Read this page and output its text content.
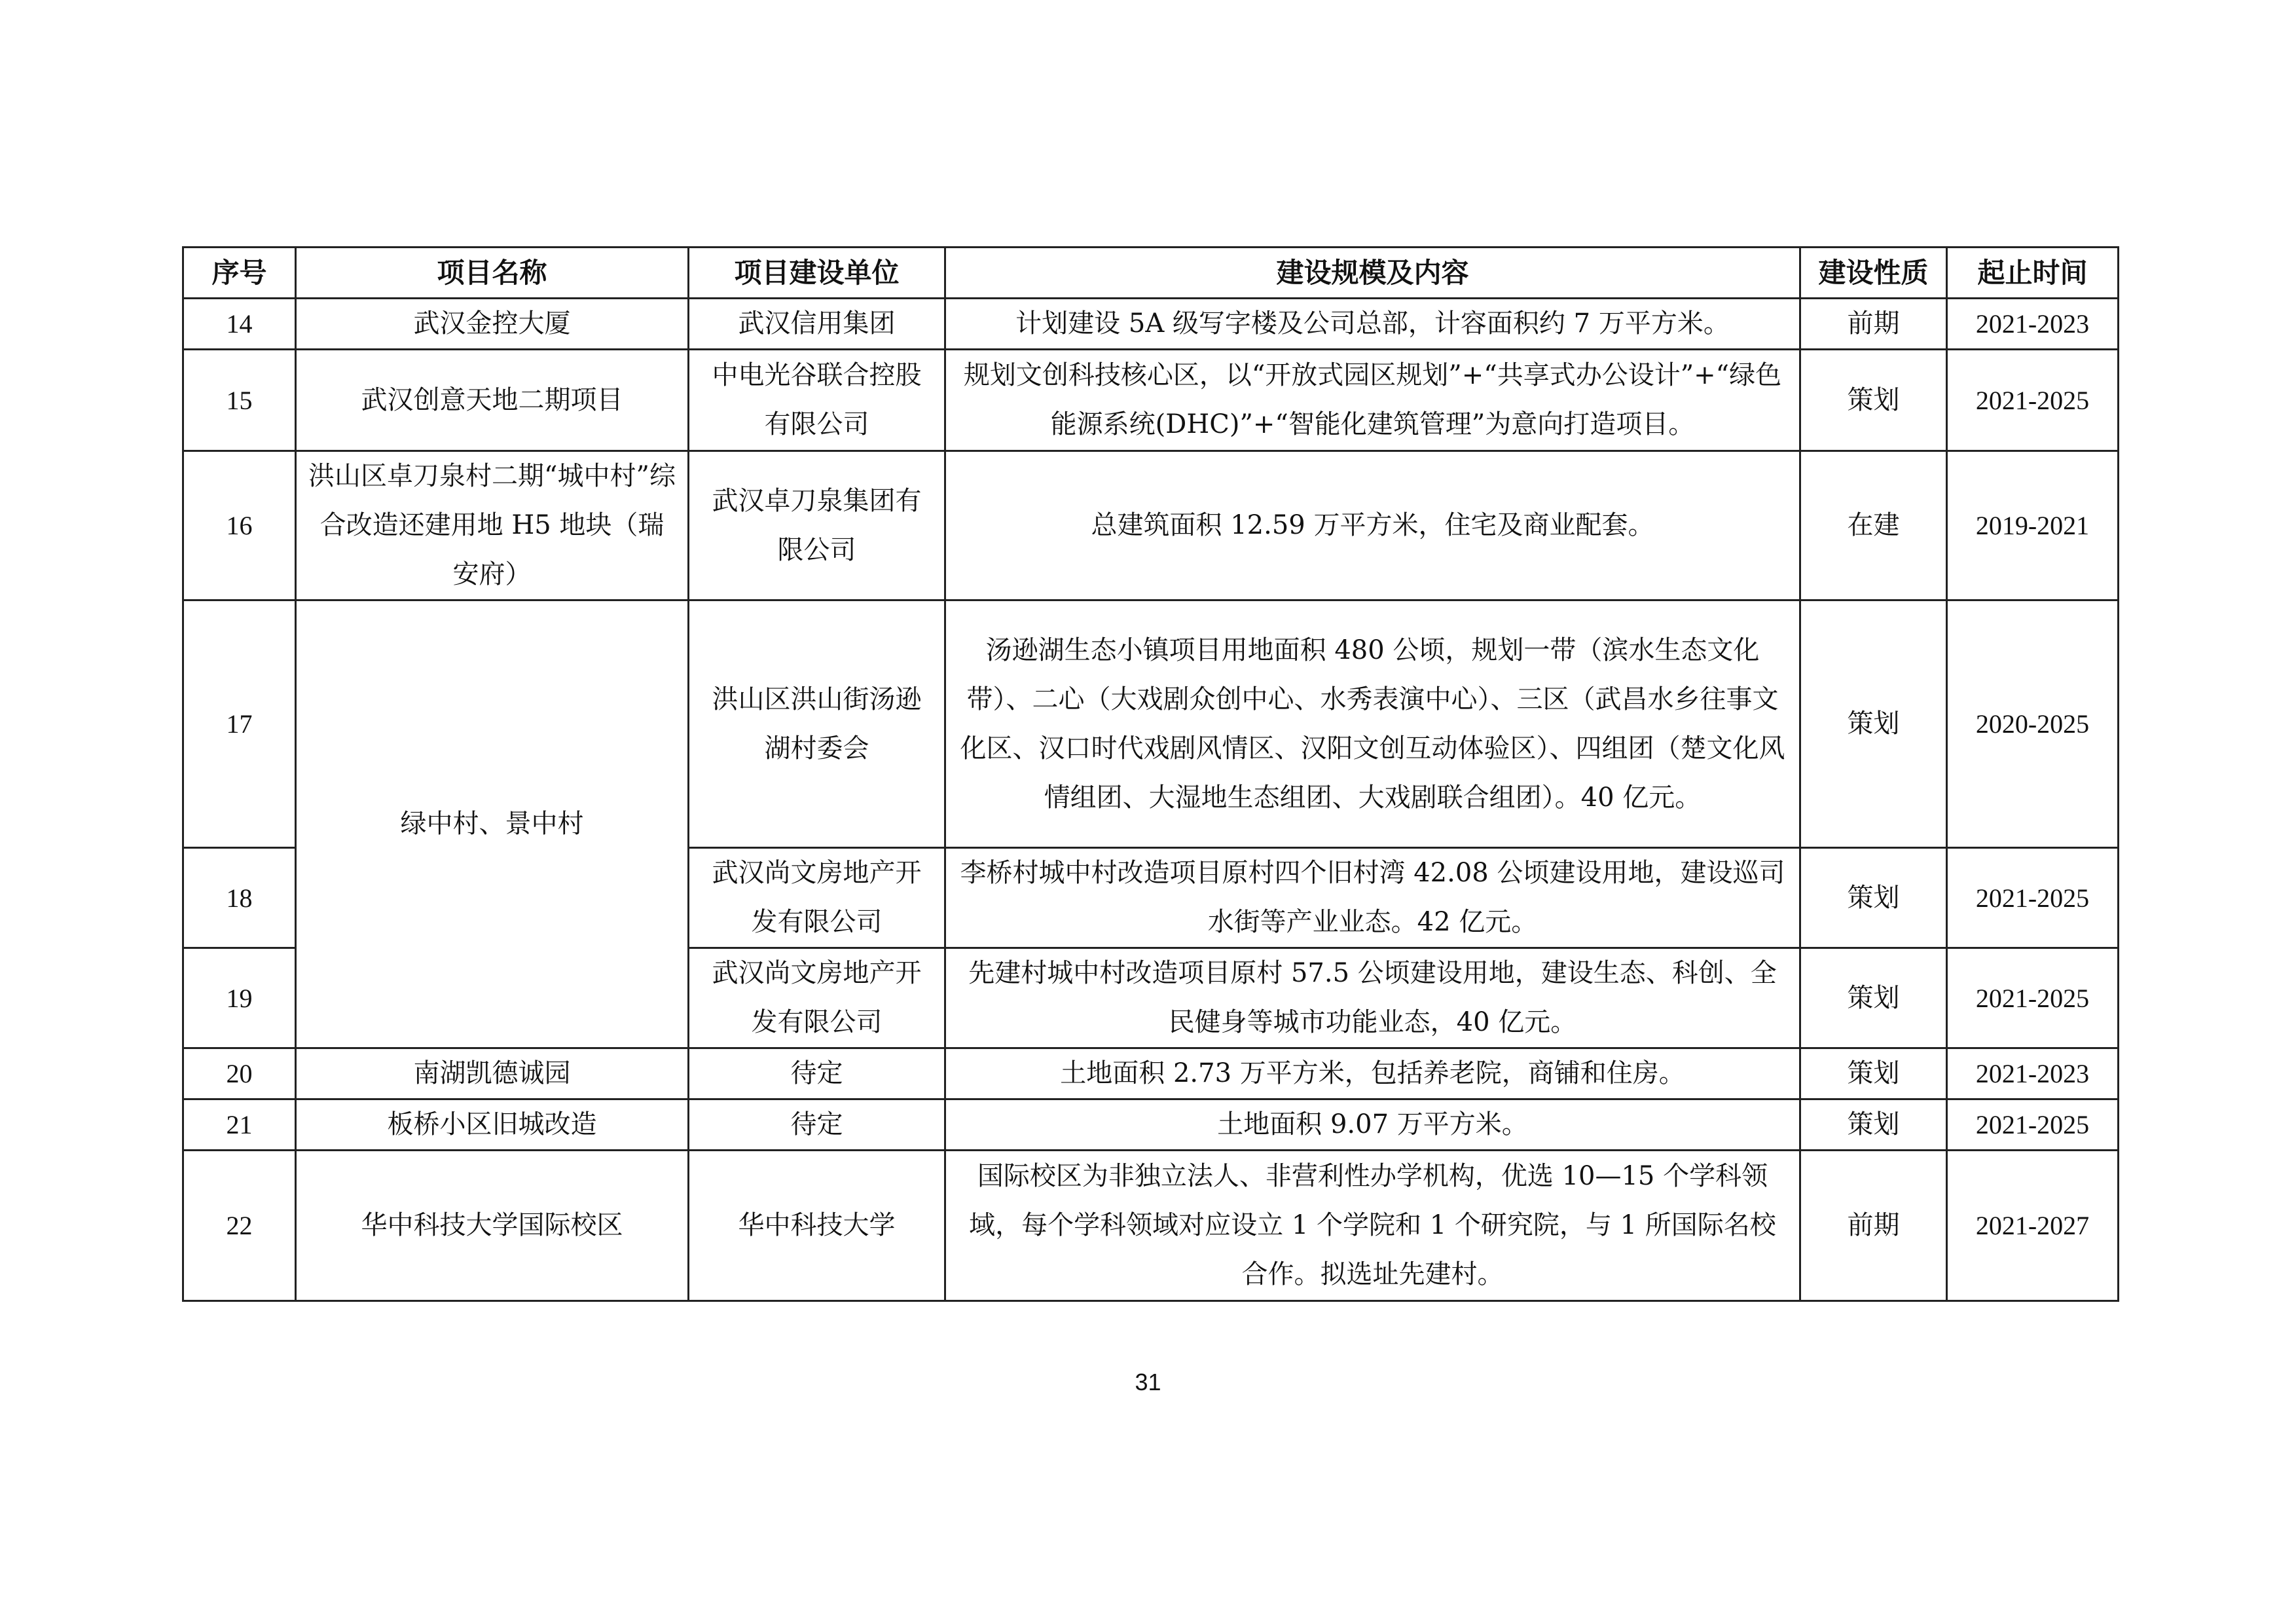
序号	项目名称	项目建设单位	建设规模及内容	建设性质	起止时间
14	武汉金控大厦	武汉信用集团	计划建设 5A 级写字楼及公司总部，计容面积约 7 万平方米。	前期	2021-2023
15	武汉创意天地二期项目	中电光谷联合控股有限公司	规划文创科技核心区，以“开放式园区规划”+“共享式办公设计”+“绿色能源系统(DHC)”+“智能化建筑管理”为意向打造项目。	策划	2021-2025
16	洪山区卓刀泉村二期“城中村”综合改造还建用地 H5 地块（瑞安府）	武汉卓刀泉集团有限公司	总建筑面积 12.59 万平方米，住宅及商业配套。	在建	2019-2021
17	绿中村、景中村	洪山区洪山街汤逊湖村委会	汤逊湖生态小镇项目用地面积 480 公顷，规划一带（滨水生态文化带）、二心（大戏剧众创中心、水秀表演中心）、三区（武昌水乡往事文化区、汉口时代戏剧风情区、汉阳文创互动体验区）、四组团（楚文化风情组团、大湿地生态组团、大戏剧联合组团）。40 亿元。	策划	2020-2025
18		武汉尚文房地产开发有限公司	李桥村城中村改造项目原村四个旧村湾 42.08 公顷建设用地，建设巡司水街等产业业态。42 亿元。	策划	2021-2025
19		武汉尚文房地产开发有限公司	先建村城中村改造项目原村 57.5 公顷建设用地，建设生态、科创、全民健身等城市功能业态，40 亿元。	策划	2021-2025
20	南湖凯德诚园	待定	土地面积 2.73 万平方米，包括养老院，商铺和住房。	策划	2021-2023
21	板桥小区旧城改造	待定	土地面积 9.07 万平方米。	策划	2021-2025
22	华中科技大学国际校区	华中科技大学	国际校区为非独立法人、非营利性办学机构，优选 10—15 个学科领域，每个学科领域对应设立 1 个学院和 1 个研究院，与 1 所国际名校合作。拟选址先建村。	前期	2021-2027
31
